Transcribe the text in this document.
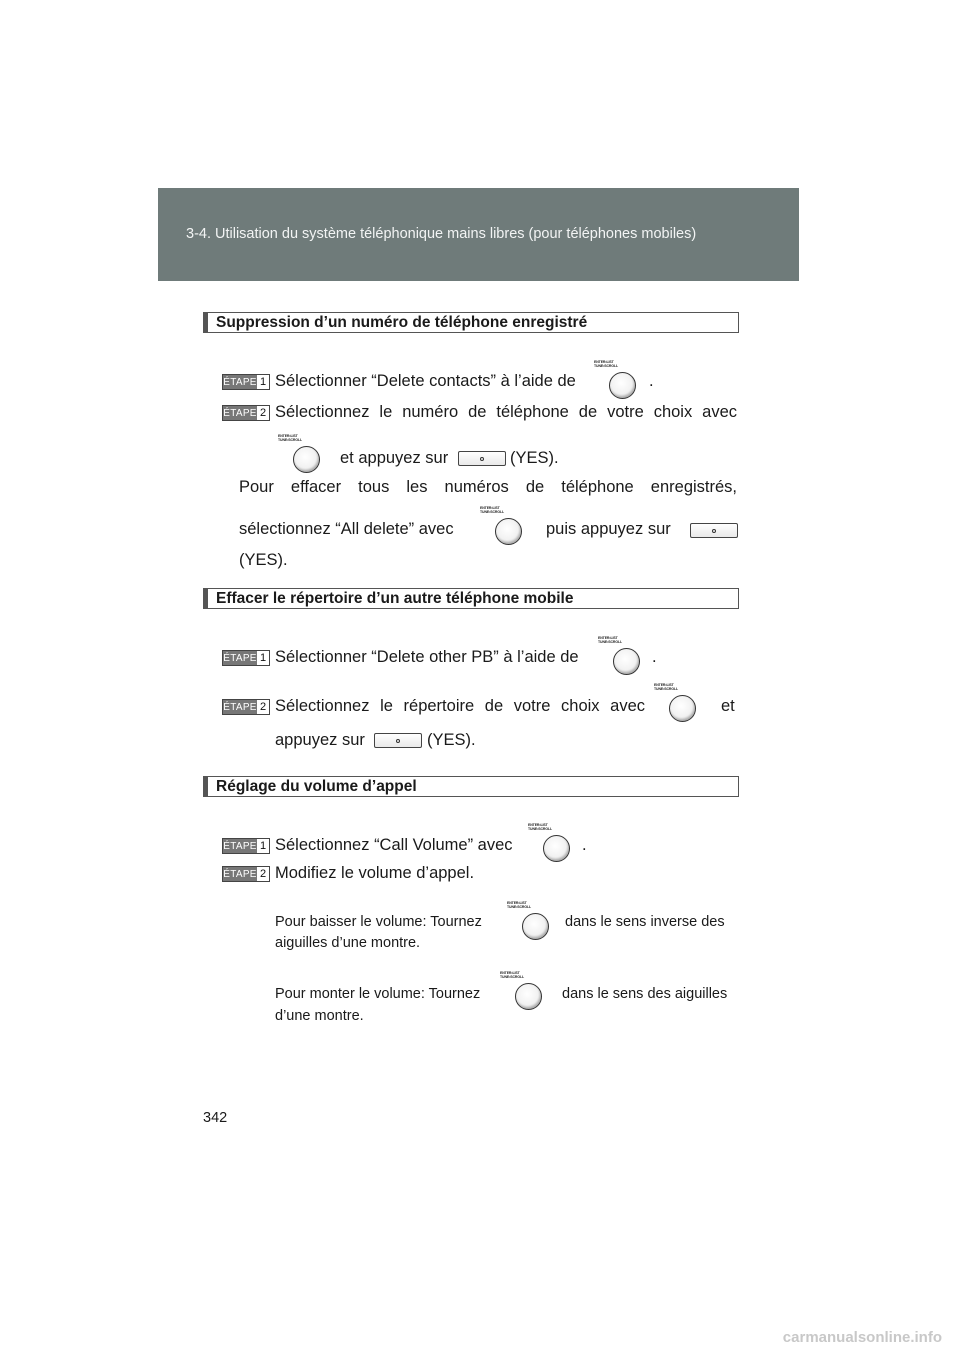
3-4. Utilisation du système téléphonique mains libres (pour téléphones mobiles)
Suppression d’un numéro de téléphone enregistré
ÉTAPE 1 Sélectionner “Delete contacts” à l’aide de
ENTER•LIST
TUNE•SCROLL
.
ÉTAPE 2 Sélectionnez le numéro de téléphone de votre choix avec
ENTER•LIST
TUNE•SCROLL
et appuyez sur	(YES).
Pour effacer tous les numéros de téléphone enregistrés,
sélectionnez “All delete” avec
ENTER•LIST
TUNE•SCROLL
puis appuyez sur
(YES).
Effacer le répertoire d’un autre téléphone mobile
ÉTAPE 1 Sélectionner “Delete other PB” à l’aide de
ENTER•LIST
TUNE•SCROLL
.
ÉTAPE 2 Sélectionnez le répertoire de votre choix avec
ENTER•LIST
TUNE•SCROLL
et
appuyez sur	(YES).
Réglage du volume d’appel
ÉTAPE 1 Sélectionnez “Call Volume” avec
ENTER•LIST
TUNE•SCROLL
.
ÉTAPE 2 Modifiez le volume d’appel.
Pour baisser le volume: Tournez
ENTER•LIST
TUNE•SCROLL
dans le sens inverse des
aiguilles d’une montre.
Pour monter le volume: Tournez
ENTER•LIST
TUNE•SCROLL
dans le sens des aiguilles
d’une montre.
342
carmanualsonline.info
